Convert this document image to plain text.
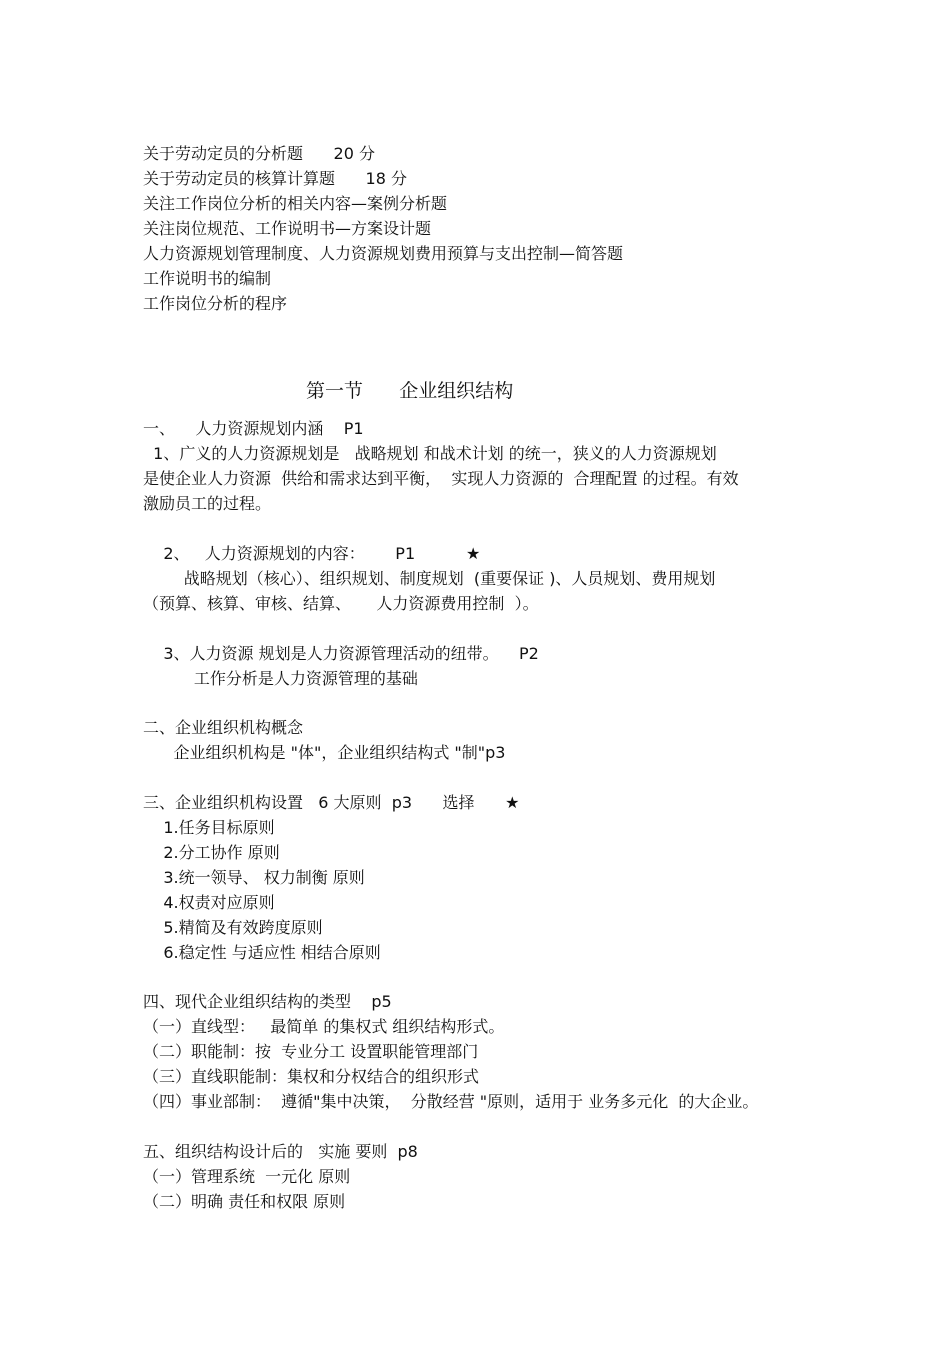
关于劳动定员的分析题      20 分
关于劳动定员的核算计算题      18 分
关注工作岗位分析的相关内容—案例分析题
关注岗位规范、工作说明书—方案设计题
人力资源规划管理制度、人力资源规划费用预算与支出控制—简答题
工作说明书的编制
工作岗位分析的程序
第一节      企业组织结构
一、    人力资源规划内涵    P1
1、广义的人力资源规划是   战略规划 和战术计划 的统一，狭义的人力资源规划
是使企业人力资源  供给和需求达到平衡，  实现人力资源的  合理配置 的过程。有效
激励员工的过程。
2、   人力资源规划的内容：      P1          ★
战略规划（核心）、组织规划、制度规划  (重要保证 )、人员规划、费用规划
（预算、核算、审核、结算、     人力资源费用控制  ）。
3、人力资源 规划是人力资源管理活动的纽带。    P2
工作分析是人力资源管理的基础
二、企业组织机构概念
企业组织机构是 "体"，企业组织结构式 "制"p3
三、企业组织机构设置   6 大原则  p3      选择      ★
1.任务目标原则
2.分工协作 原则
3.统一领导、 权力制衡 原则
4.权责对应原则
5.精简及有效跨度原则
6.稳定性 与适应性 相结合原则
四、现代企业组织结构的类型    p5
（一）直线型：   最简单 的集权式 组织结构形式。
（二）职能制：按  专业分工 设置职能管理部门
（三）直线职能制：集权和分权结合的组织形式
（四）事业部制：  遵循"集中决策，  分散经营 "原则，适用于 业务多元化  的大企业。
五、组织结构设计后的   实施 要则  p8
（一）管理系统  一元化 原则
（二）明确 责任和权限 原则
